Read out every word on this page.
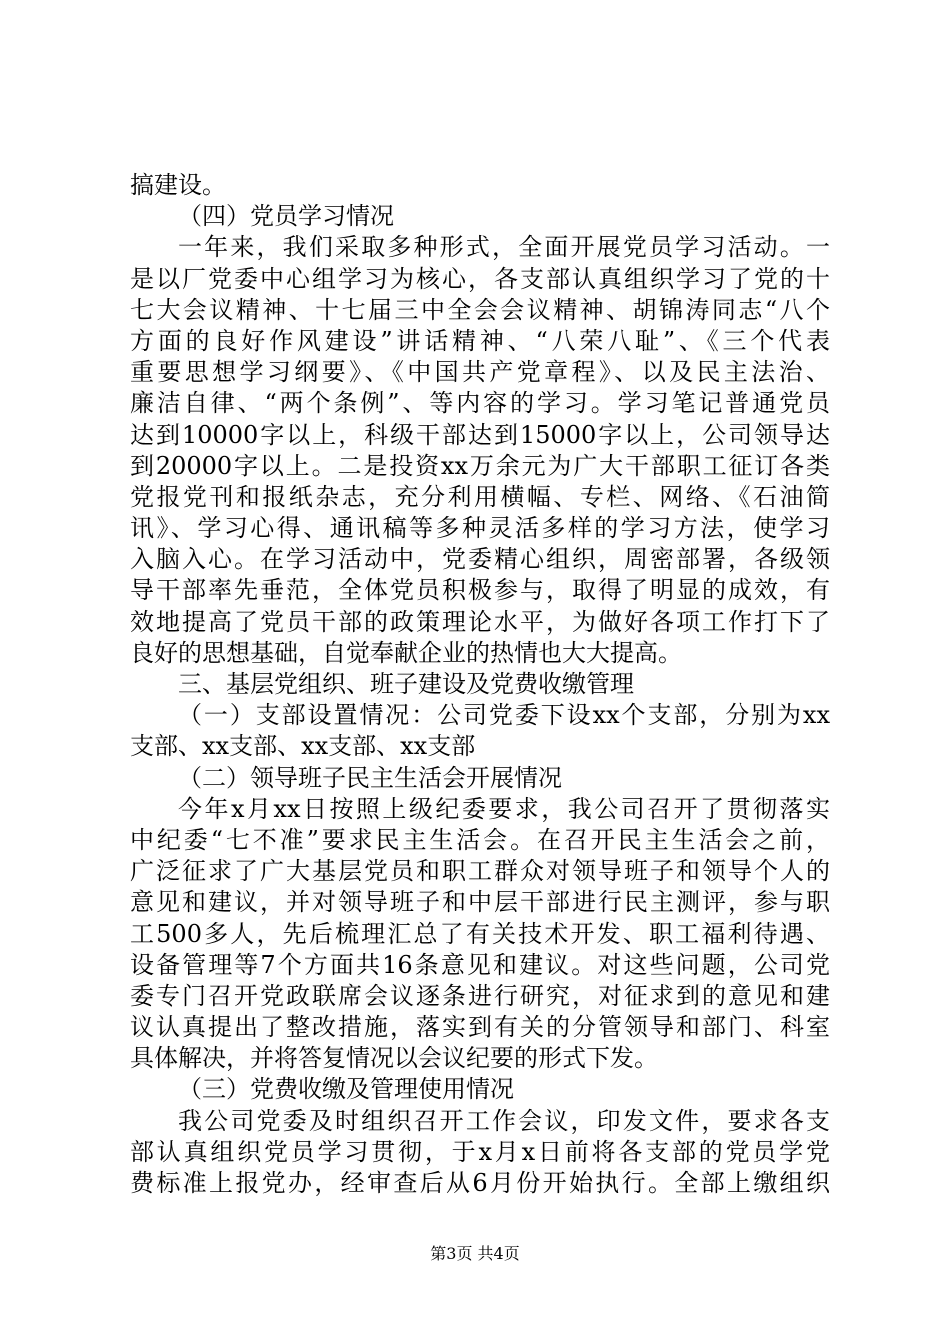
搞建设。
（四）党员学习情况
一年来，我们采取多种形式，全面开展党员学习活动。一
是以厂党委中心组学习为核心，各支部认真组织学习了党的十
七大会议精神、十七届三中全会会议精神、胡锦涛同志“八个
方面的良好作风建设”讲话精神、“八荣八耻”、《三个代表
重要思想学习纲要》、《中国共产党章程》、以及民主法治、
廉洁自律、“两个条例”、等内容的学习。学习笔记普通党员
达到10000字以上，科级干部达到15000字以上，公司领导达
到20000字以上。二是投资xx万余元为广大干部职工征订各类
党报党刊和报纸杂志，充分利用横幅、专栏、网络、《石油简
讯》、学习心得、通讯稿等多种灵活多样的学习方法，使学习
入脑入心。在学习活动中，党委精心组织，周密部署，各级领
导干部率先垂范，全体党员积极参与，取得了明显的成效，有
效地提高了党员干部的政策理论水平，为做好各项工作打下了
良好的思想基础，自觉奉献企业的热情也大大提高。
三、基层党组织、班子建设及党费收缴管理
（一）支部设置情况：公司党委下设xx个支部，分别为xx
支部、xx支部、xx支部、xx支部
（二）领导班子民主生活会开展情况
今年x月xx日按照上级纪委要求，我公司召开了贯彻落实
中纪委“七不准”要求民主生活会。在召开民主生活会之前，
广泛征求了广大基层党员和职工群众对领导班子和领导个人的
意见和建议，并对领导班子和中层干部进行民主测评，参与职
工500多人，先后梳理汇总了有关技术开发、职工福利待遇、
设备管理等7个方面共16条意见和建议。对这些问题，公司党
委专门召开党政联席会议逐条进行研究，对征求到的意见和建
议认真提出了整改措施，落实到有关的分管领导和部门、科室
具体解决，并将答复情况以会议纪要的形式下发。
（三）党费收缴及管理使用情况
我公司党委及时组织召开工作会议，印发文件，要求各支
部认真组织党员学习贯彻，于x月x日前将各支部的党员学党
费标准上报党办，经审查后从6月份开始执行。全部上缴组织
第3页 共4页
